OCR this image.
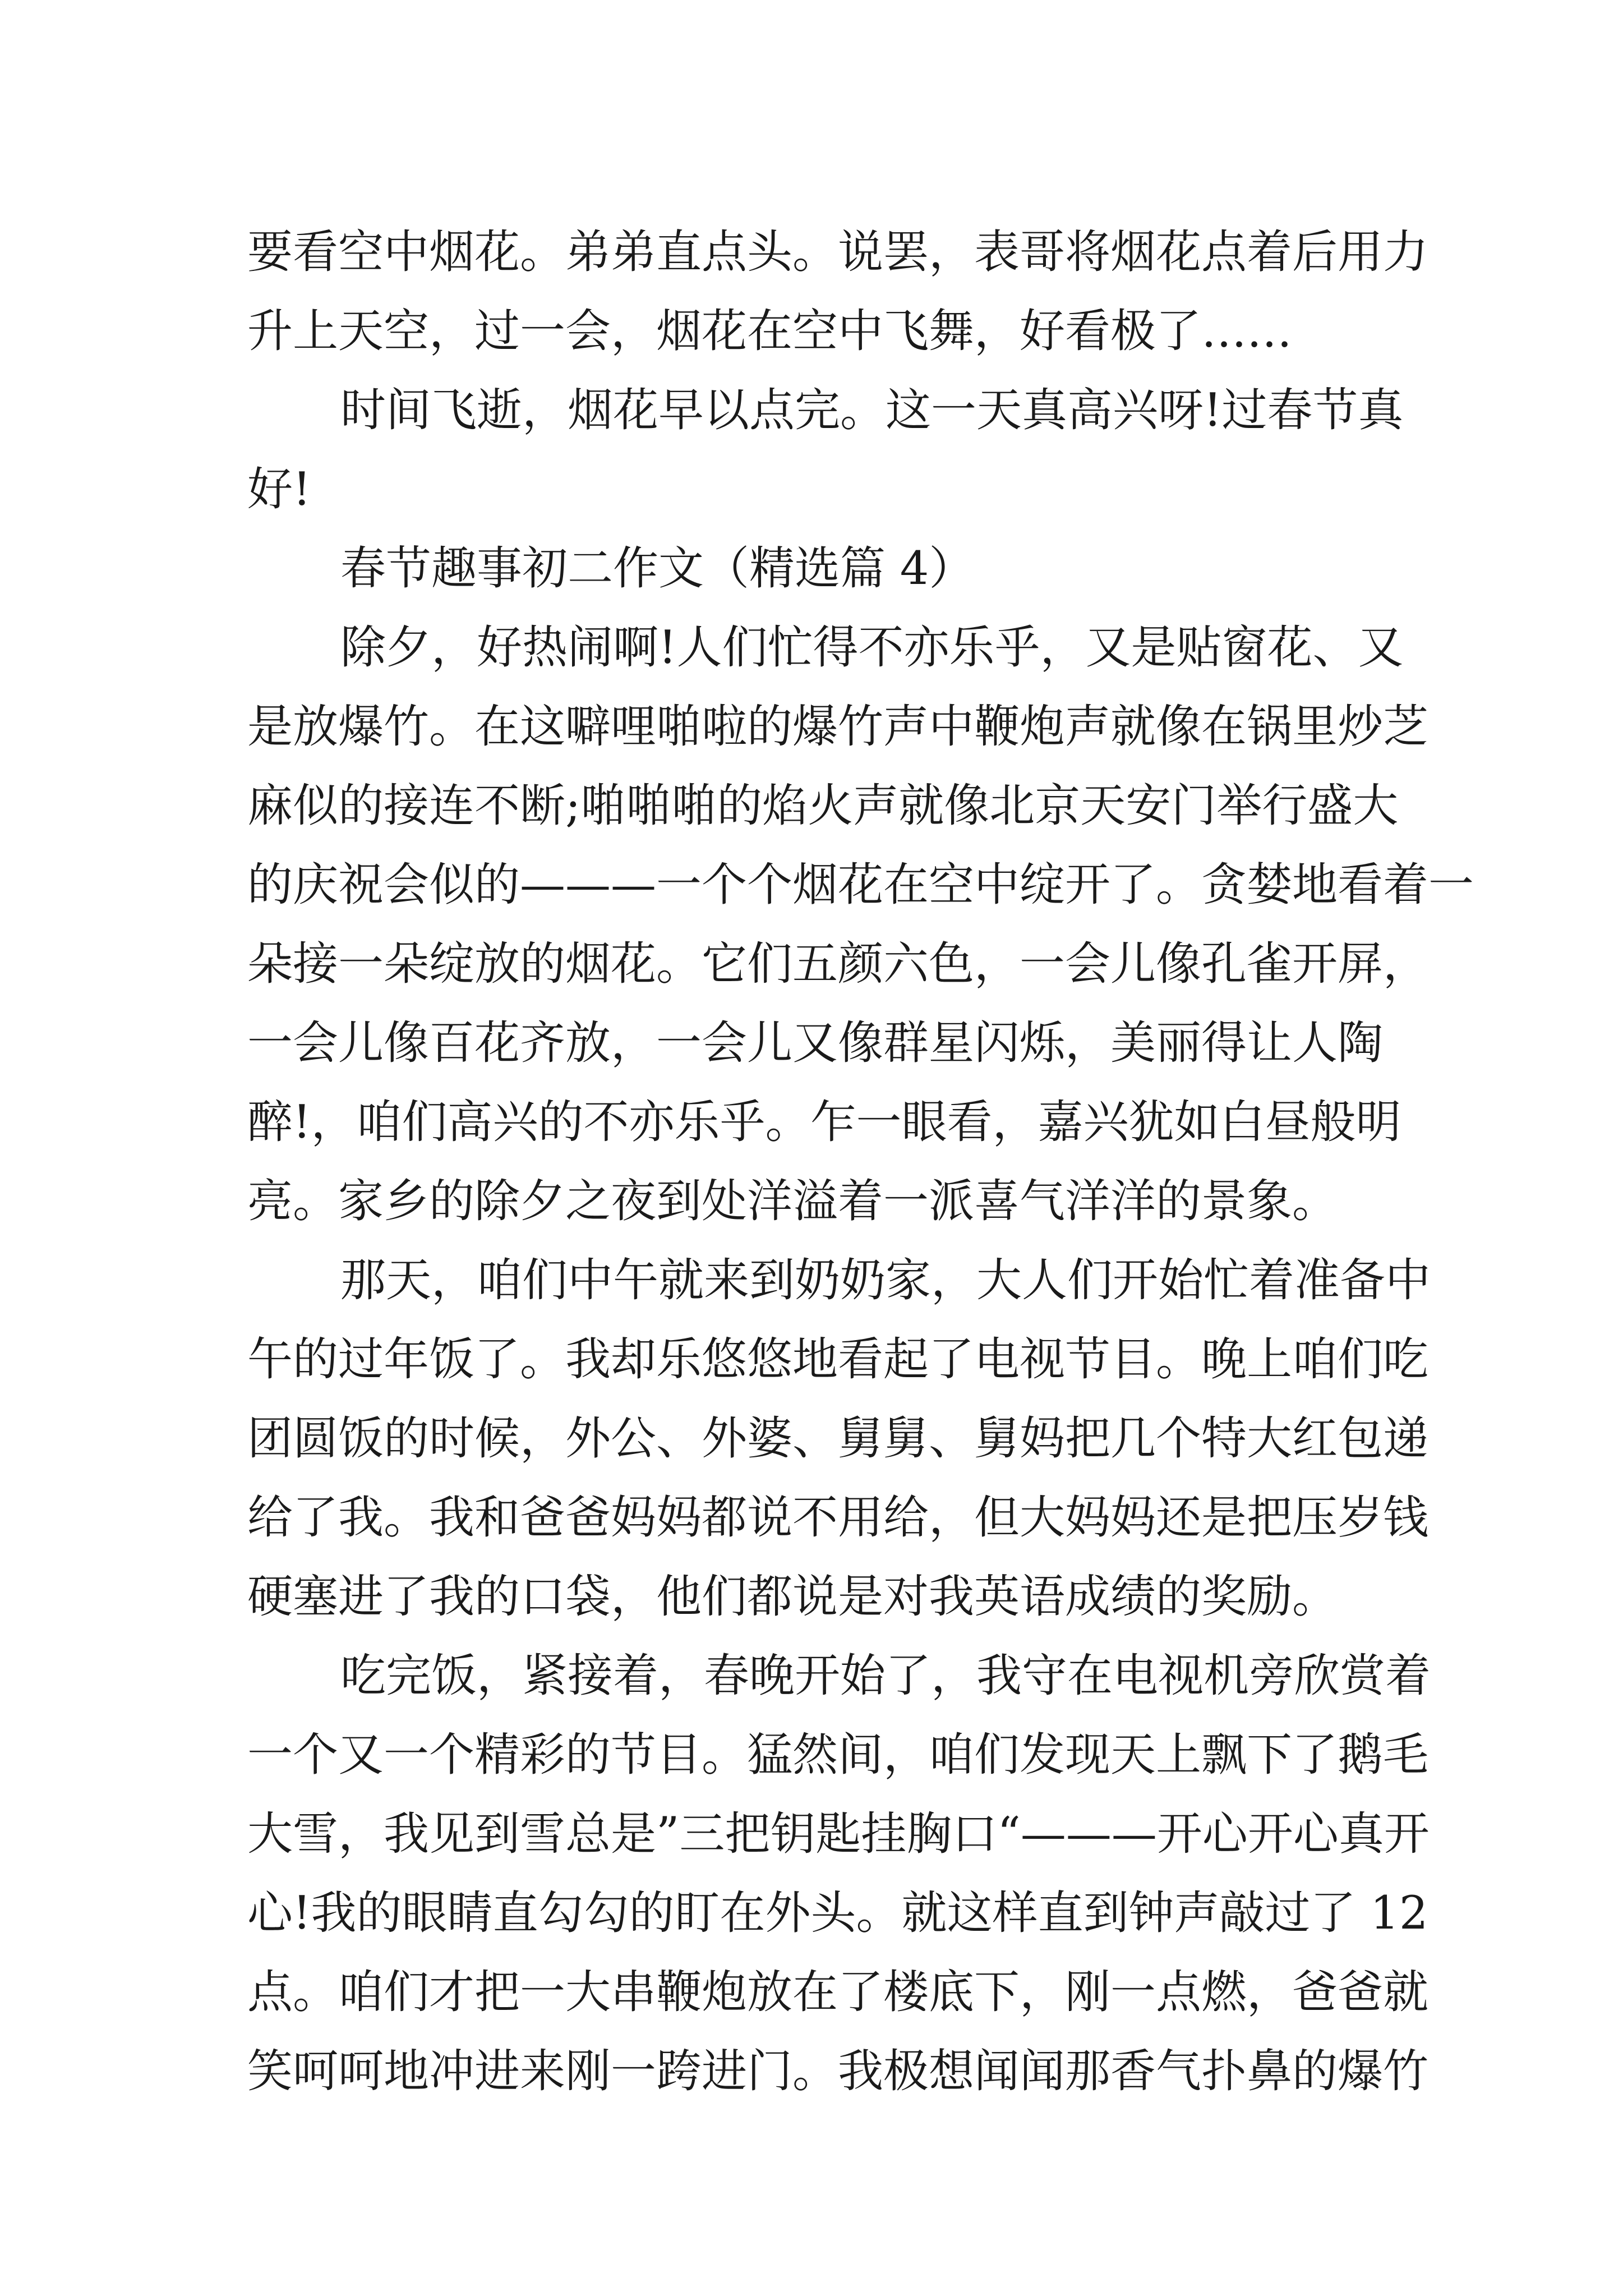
要看空中烟花。弟弟直点头。说罢，表哥将烟花点着后用力
升上天空，过一会，烟花在空中飞舞，好看极了……
时间飞逝，烟花早以点完。这一天真高兴呀!过春节真
好!
春节趣事初二作文（精选篇 4）
除夕，好热闹啊!人们忙得不亦乐乎，又是贴窗花、又
是放爆竹。在这噼哩啪啦的爆竹声中鞭炮声就像在锅里炒芝
麻似的接连不断;啪啪啪的焰火声就像北京天安门举行盛大
的庆祝会似的———一个个烟花在空中绽开了。贪婪地看着一
朵接一朵绽放的烟花。它们五颜六色，一会儿像孔雀开屏，
一会儿像百花齐放，一会儿又像群星闪烁，美丽得让人陶
醉!，咱们高兴的不亦乐乎。乍一眼看，嘉兴犹如白昼般明
亮。家乡的除夕之夜到处洋溢着一派喜气洋洋的景象。
那天，咱们中午就来到奶奶家，大人们开始忙着准备中
午的过年饭了。我却乐悠悠地看起了电视节目。晚上咱们吃
团圆饭的时候，外公、外婆、舅舅、舅妈把几个特大红包递
给了我。我和爸爸妈妈都说不用给，但大妈妈还是把压岁钱
硬塞进了我的口袋，他们都说是对我英语成绩的奖励。
吃完饭，紧接着，春晚开始了，我守在电视机旁欣赏着
一个又一个精彩的节目。猛然间，咱们发现天上飘下了鹅毛
大雪，我见到雪总是”三把钥匙挂胸口“———开心开心真开
心!我的眼睛直勾勾的盯在外头。就这样直到钟声敲过了 12
点。咱们才把一大串鞭炮放在了楼底下，刚一点燃，爸爸就
笑呵呵地冲进来刚一跨进门。我极想闻闻那香气扑鼻的爆竹
